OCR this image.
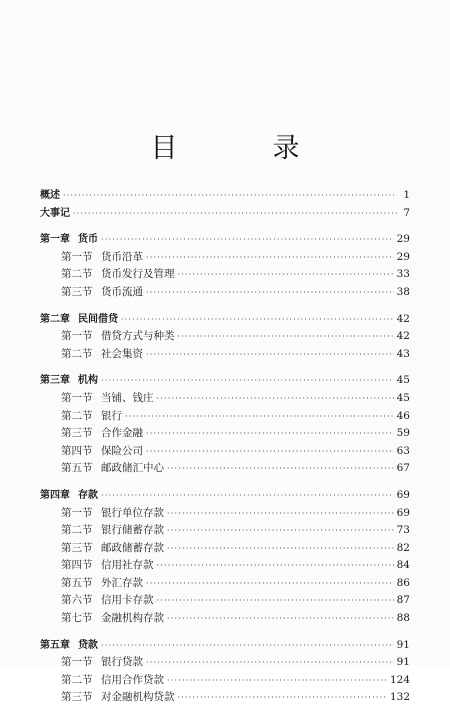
目　录
概述 ·····	1
大事记 ·····	7
第一章 货币 ·····	29
第一节 货币沿革 ·····	29
第二节 货币发行及管理 ·····	33
第三节 货币流通 ·····	38
第二章 民间借贷 ·····	42
第一节 借贷方式与种类 ·····	42
第二节 社会集资 ·····	43
第三章 机构 ·····	45
第一节 当铺、钱庄 ·····	45
第二节 银行 ·····	46
第三节 合作金融 ·····	59
第四节 保险公司 ·····	63
第五节 邮政储汇中心 ·····	67
第四章 存款 ·····	69
第一节 银行单位存款 ·····	69
第二节 银行储蓄存款 ·····	73
第三节 邮政储蓄存款 ·····	82
第四节 信用社存款 ·····	84
第五节 外汇存款 ·····	86
第六节 信用卡存款 ·····	87
第七节 金融机构存款 ·····	88
第五章 贷款 ·····	91
第一节 银行贷款 ·····	91
第二节 信用合作贷款 ·····	124
第三节 对金融机构贷款 ·····	132
